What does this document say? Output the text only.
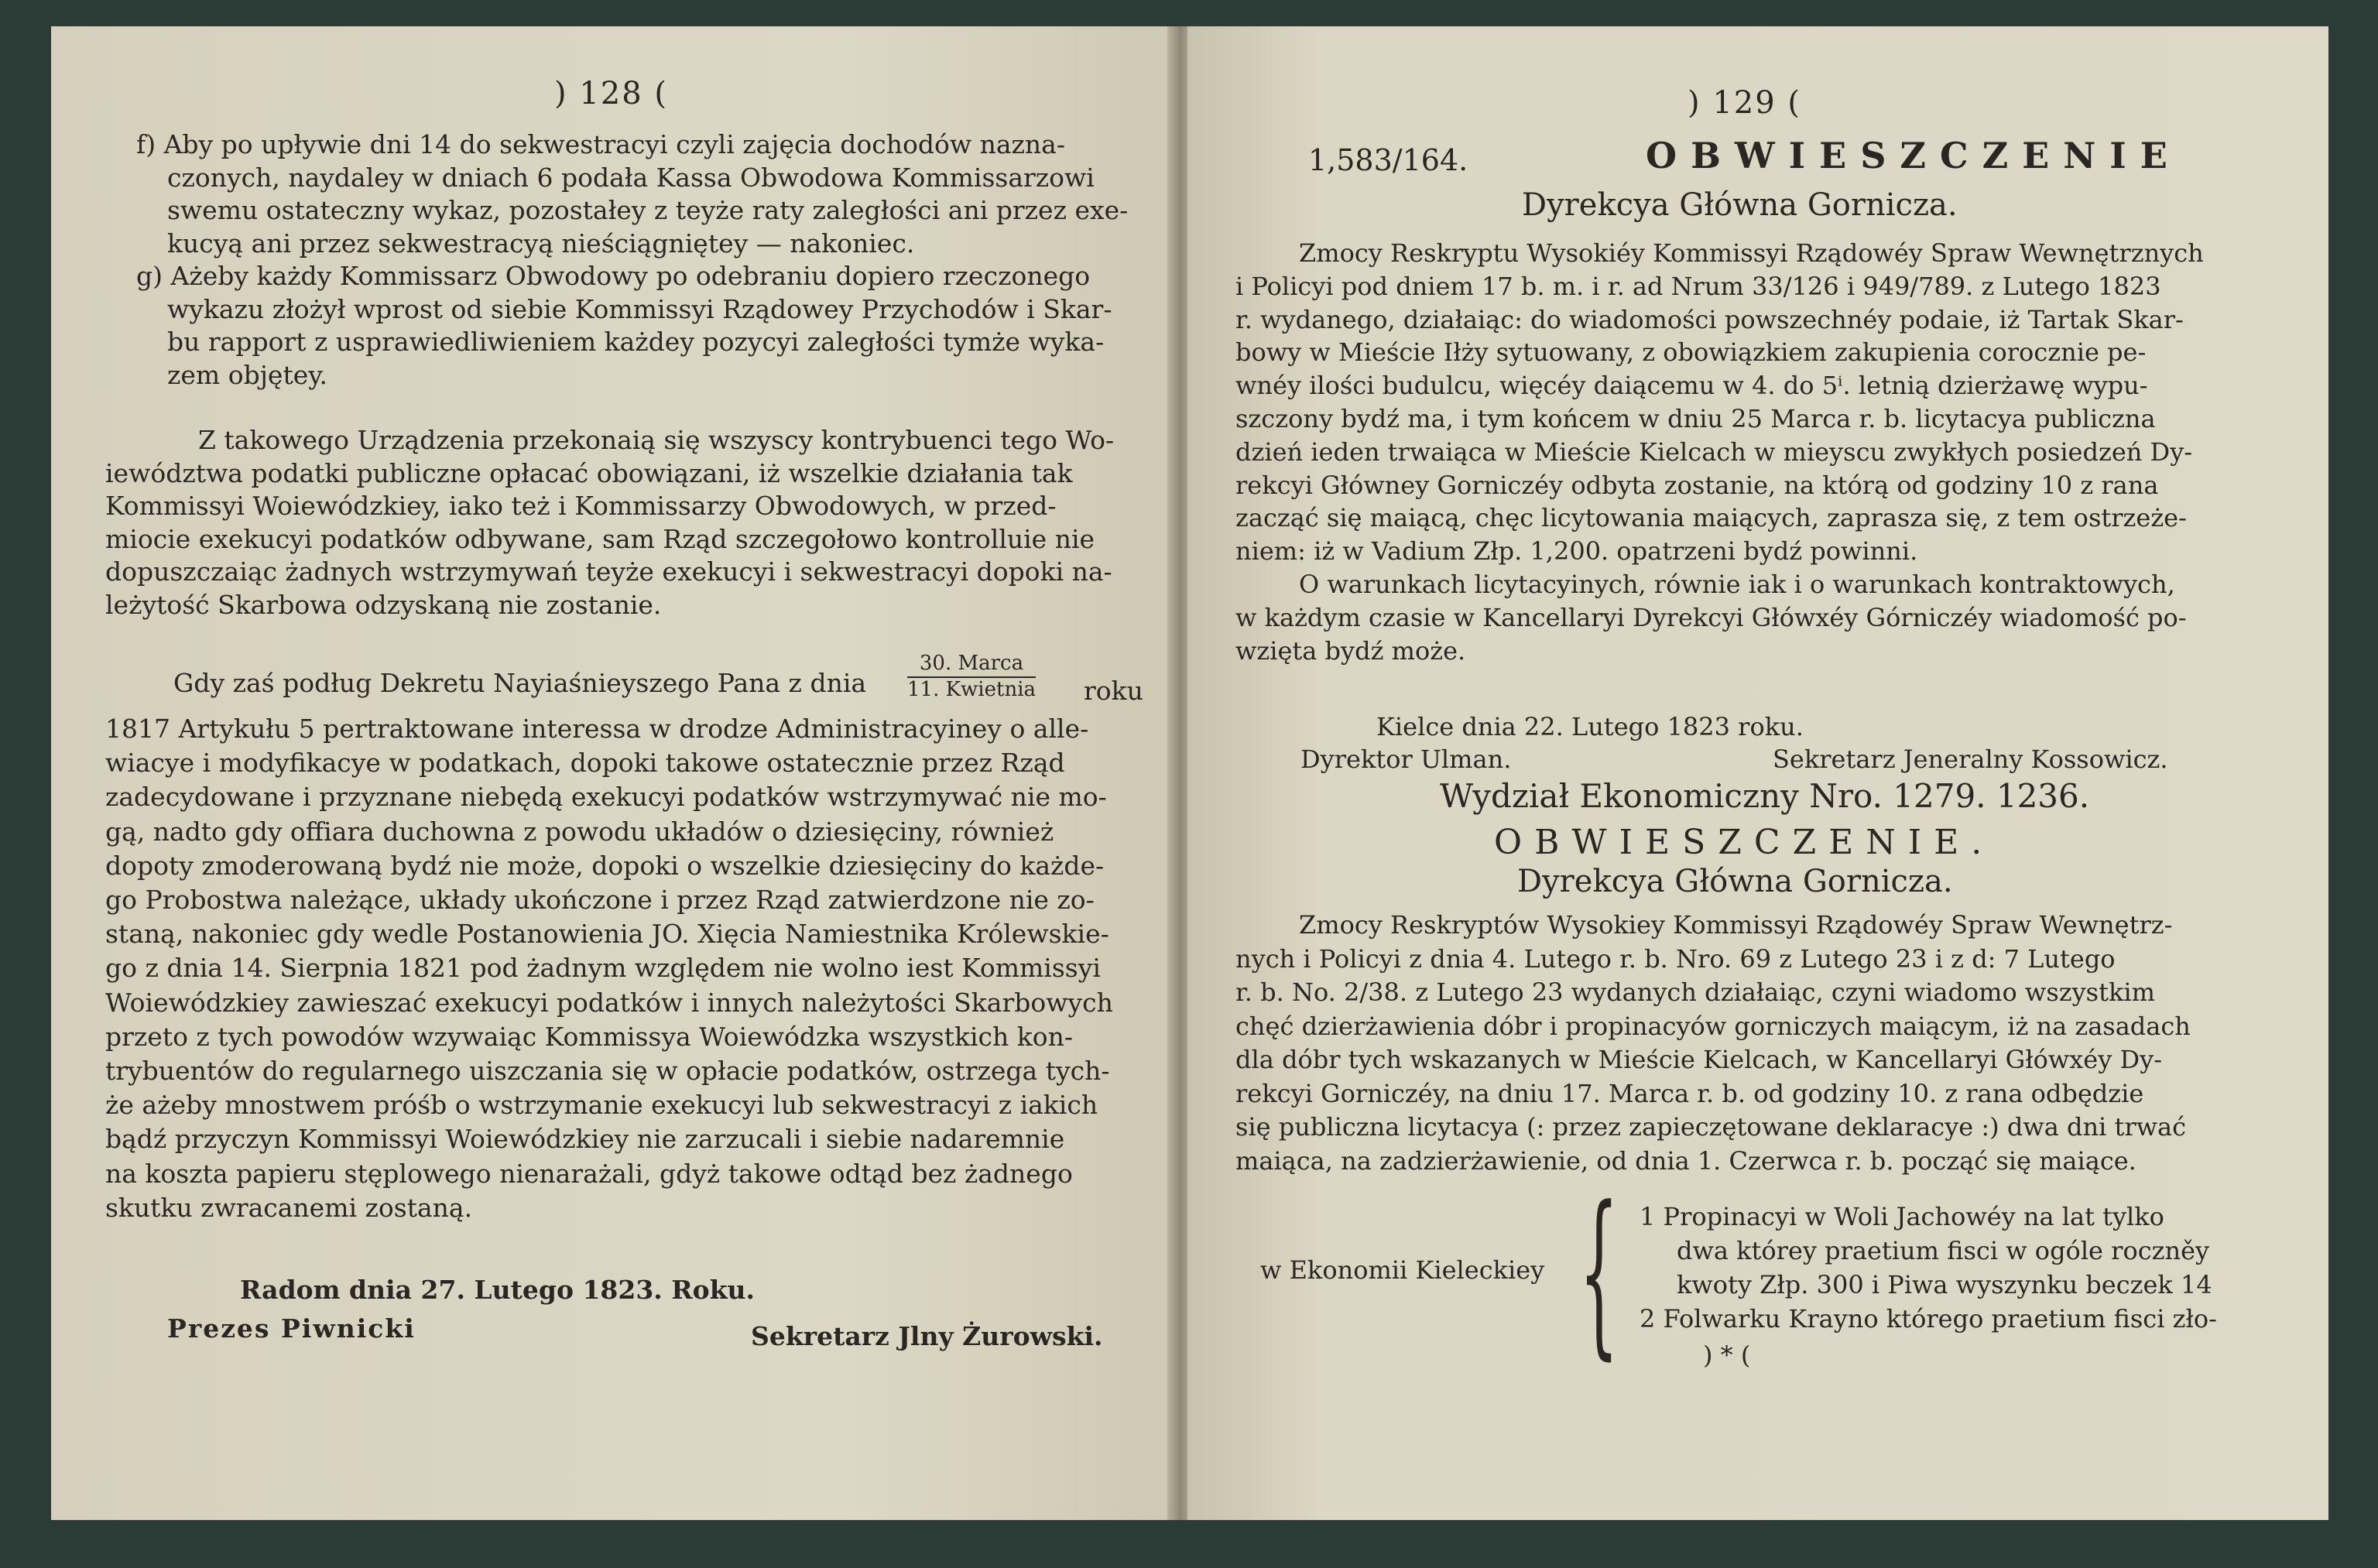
) 128 (
f) Aby po upływie dni 14 do sekwestracyi czyli zajęcia dochodów nazna-
czonych, naydaley w dniach 6 podała Kassa Obwodowa Kommissarzowi
swemu ostateczny wykaz, pozostałey z teyże raty zaległości ani przez exe-
kucyą ani przez sekwestracyą nieściągniętey — nakoniec.
g) Ażeby każdy Kommissarz Obwodowy po odebraniu dopiero rzeczonego
wykazu złożył wprost od siebie Kommissyi Rządowey Przychodów i Skar-
bu rapport z usprawiedliwieniem każdey pozycyi zaległości tymże wyka-
zem objętey.
Z takowego Urządzenia przekonaią się wszyscy kontrybuenci tego Wo-
iewództwa podatki publiczne opłacać obowiązani, iż wszelkie działania tak
Kommissyi Woiewódzkiey, iako też i Kommissarzy Obwodowych, w przed-
miocie exekucyi podatków odbywane, sam Rząd szczegołowo kontrolluie nie
dopuszczaiąc żadnych wstrzymywań teyże exekucyi i sekwestracyi dopoki na-
leżytość Skarbowa odzyskaną nie zostanie.
Gdy zaś podług Dekretu Nayiaśnieyszego Pana z dnia
30. Marca
11. Kwietnia roku
1817 Artykułu 5 pertraktowane interessa w drodze Administracyiney o alle-
wiacye i modyfikacye w podatkach, dopoki takowe ostatecznie przez Rząd
zadecydowane i przyznane niebędą exekucyi podatków wstrzymywać nie mo-
gą, nadto gdy offiara duchowna z powodu układów o dziesięciny, również
dopoty zmoderowaną bydź nie może, dopoki o wszelkie dziesięciny do każde-
go Probostwa należące, układy ukończone i przez Rząd zatwierdzone nie zo-
staną, nakoniec gdy wedle Postanowienia JO. Xięcia Namiestnika Królewskie-
go z dnia 14. Sierpnia 1821 pod żadnym względem nie wolno iest Kommissyi
Woiewódzkiey zawieszać exekucyi podatków i innych należytości Skarbowych
przeto z tych powodów wzywaiąc Kommissya Woiewódzka wszystkich kon-
trybuentów do regularnego uiszczania się w opłacie podatków, ostrzega tych-
że ażeby mnostwem próśb o wstrzymanie exekucyi lub sekwestracyi z iakich
bądź przyczyn Kommissyi Woiewódzkiey nie zarzucali i siebie nadaremnie
na koszta papieru stęplowego nienarażali, gdyż takowe odtąd bez żadnego
skutku zwracanemi zostaną.
Radom dnia 27. Lutego 1823. Roku.
Prezes Piwnicki	Sekretarz Jlny Żurowski.
) 129 (
1,583/164.	OBWIESZCZENIE
Dyrekcya Główna Gornicza.
Zmocy Reskryptu Wysokiéy Kommissyi Rządowéy Spraw Wewnętrznych
i Policyi pod dniem 17 b. m. i r. ad Nrum 33/126 i 949/789. z Lutego 1823
r. wydanego, działaiąc: do wiadomości powszechnéy podaie, iż Tartak Skar-
bowy w Mieście Iłży sytuowany, z obowiązkiem zakupienia corocznie pe-
wnéy ilości budulcu, więcéy daiącemu w 4. do 5ⁱ. letnią dzierżawę wypu-
szczony bydź ma, i tym końcem w dniu 25 Marca r. b. licytacya publiczna
dzień ieden trwaiąca w Mieście Kielcach w mieyscu zwykłych posiedzeń Dy-
rekcyi Główney Gorniczéy odbyta zostanie, na którą od godziny 10 z rana
zacząć się maiącą, chęc licytowania maiących, zaprasza się, z tem ostrzeże-
niem: iż w Vadium Złp. 1,200. opatrzeni bydź powinni.
O warunkach licytacyinych, równie iak i o warunkach kontraktowych,
w każdym czasie w Kancellaryi Dyrekcyi Główxéy Górniczéy wiadomość po-
wzięta bydź może.
Kielce dnia 22. Lutego 1823 roku.
Dyrektor Ulman.	Sekretarz Jeneralny Kossowicz.
Wydział Ekonomiczny Nro. 1279. 1236.
OBWIESZCZENIE.
Dyrekcya Główna Gornicza.
Zmocy Reskryptów Wysokiey Kommissyi Rządowéy Spraw Wewnętrz-
nych i Policyi z dnia 4. Lutego r. b. Nro. 69 z Lutego 23 i z d: 7 Lutego
r. b. No. 2/38. z Lutego 23 wydanych działaiąc, czyni wiadomo wszystkim
chęć dzierżawienia dóbr i propinacyów gorniczych maiącym, iż na zasadach
dla dóbr tych wskazanych w Mieście Kielcach, w Kancellaryi Główxéy Dy-
rekcyi Gorniczéy, na dniu 17. Marca r. b. od godziny 10. z rana odbędzie
się publiczna licytacya (: przez zapieczętowane deklaracye :) dwa dni trwać
maiąca, na zadzierżawienie, od dnia 1. Czerwca r. b. począć się maiące.
w Ekonomii Kieleckiey { 1 Propinacyi w Woli Jachowéy na lat tylko
dwa którey praetium fisci w ogóle roczněy
kwoty Złp. 300 i Piwa wyszynku beczek 14
2 Folwarku Krayno którego praetium fisci zło-
) * (
